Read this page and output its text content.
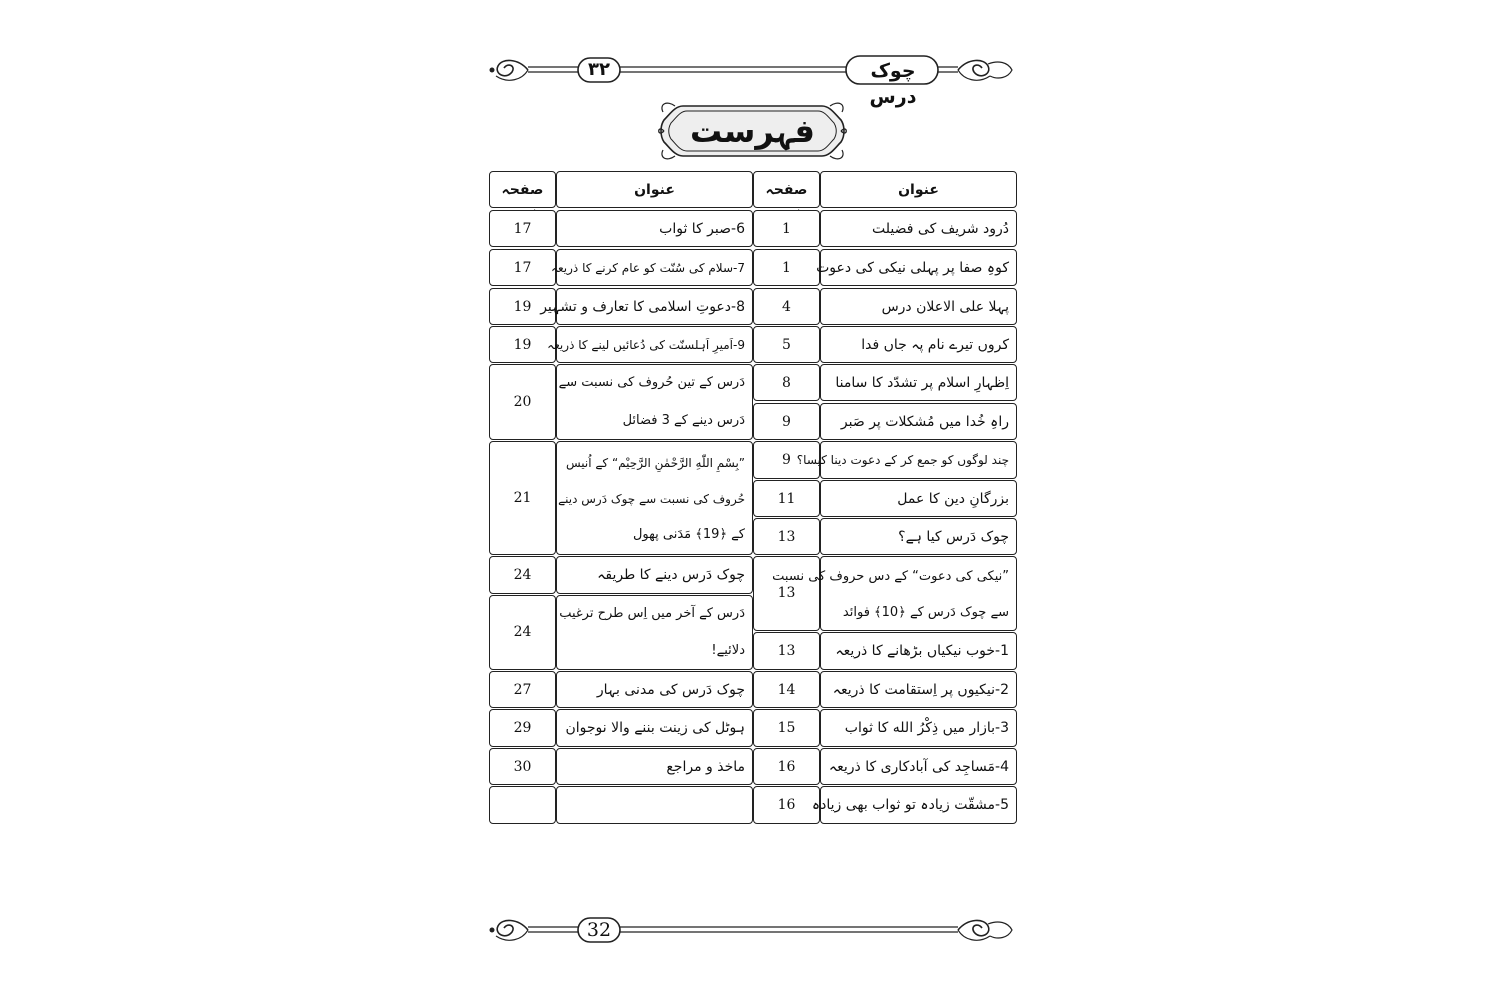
چوک درس
۳۲
فہرست
عنوان
صفحہ
عنوان
صفحہ
دُرود شریف کی فضیلت
1
کوہِ صفا پر پہلی نیکی کی دعوت
1
پہلا علی الاعلان درس
4
کروں تیرے نام پہ جاں فدا
5
اِظہارِ اسلام پر تشدّد کا سامنا
8
راہِ خُدا میں مُشکلات پر صَبر
9
چند لوگوں کو جمع کر کے دعوت دینا کیسا؟
9
بزرگانِ دین کا عمل
11
چوک دَرس کیا ہے؟
13
”نیکی کی دعوت“ کے دس حروف کی نسبت
سے چوک دَرس کے ﴿10﴾ فوائد
13
1-خوب نیکیاں بڑھانے کا ذریعہ
13
2-نیکیوں پر اِستقامت کا ذریعہ
14
3-بازار میں ذِکْرُ الله کا ثواب
15
4-مَساجِد کی آبادکاری کا ذریعہ
16
5-مشقّت زیادہ تو ثواب بھی زیادہ
16
6-صبر کا ثواب
17
7-سلام کی سُنّت کو عام کرنے کا ذریعہ
17
8-دعوتِ اسلامی کا تعارف و تشہیر
19
9-اَمیرِ اَہلسنّت کی دُعائیں لینے کا ذریعہ
19
دَرس کے تین حُروف کی نسبت سے
دَرس دینے کے 3 فضائل
20
”بِسْمِ اللّٰهِ الرَّحْمٰنِ الرَّحِیْم“ کے اُنیس
حُروف کی نسبت سے چوک دَرس دینے
کے ﴿19﴾ مَدَنی پھول
21
چوک دَرس دینے کا طریقہ
24
دَرس کے آخر میں اِس طرح ترغیب
دلائیے!
24
چوک دَرس کی مدنی بہار
27
ہوٹل کی زینت بننے والا نوجوان
29
ماخذ و مراجع
30
32
